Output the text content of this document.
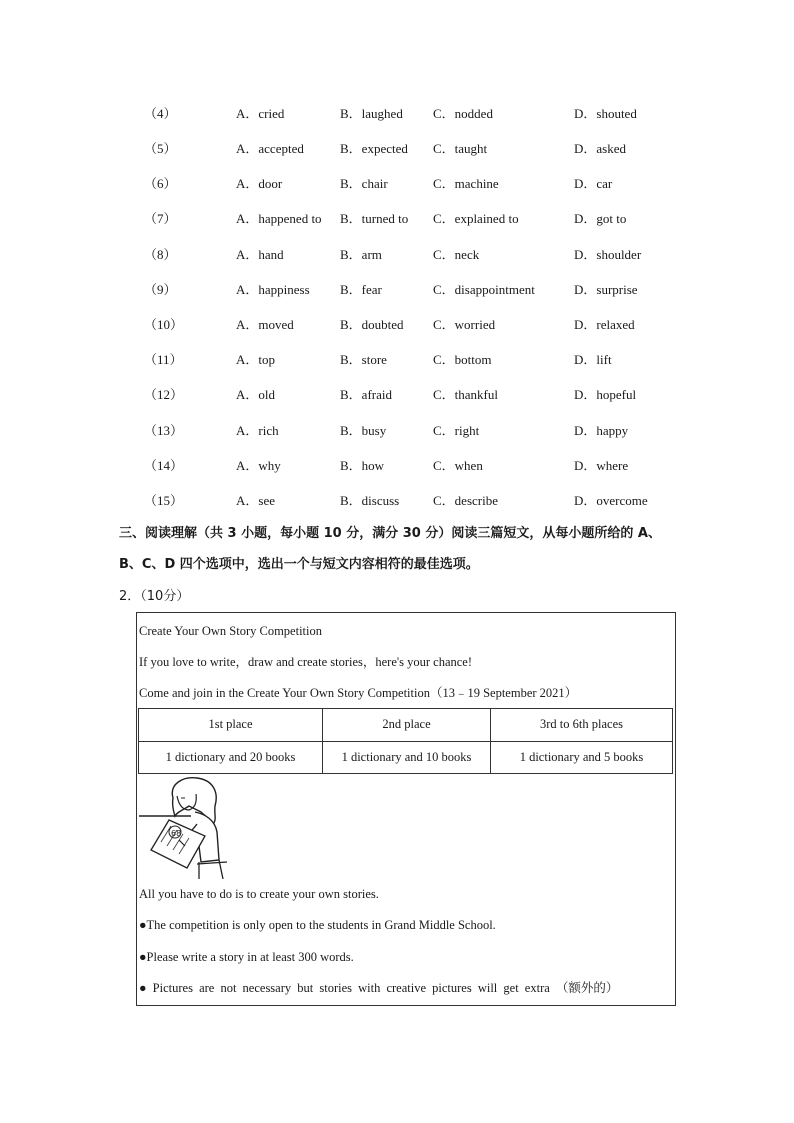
（4）	A．cried	B．laughed C．nodded	D．shouted
（5）	A．accepted	B．expected C．taught	D．asked
（6）	A．door	B．chair	C．machine	D．car
（7）	A．happened to B．turned to C．explained to	D．got to
（8）	A．hand	B．arm	C．neck	D．shoulder
（9）	A．happiness B．fear	C．disappointment	D．surprise
（10）	A．moved	B．doubted C．worried	D．relaxed
（11）	A．top	B．store	C．bottom	D．lift
（12）	A．old	B．afraid	C．thankful	D．hopeful
（13）	A．rich	B．busy	C．right	D．happy
（14）	A．why	B．how	C．when	D．where
（15）	A．see	B．discuss	C．describe	D．overcome
三、阅读理解（共 3 小题，每小题 10 分，满分 30 分）阅读三篇短文，从每小题所给的 A、
B、C、D 四个选项中，选出一个与短文内容相符的最佳选项。
2．（10分）
Create Your Own Story Competition
If you love to write，draw and create stories，here's your chance!
Come and join in the Create Your Own Story Competition（13﹣19 September 2021）
1st place	2nd place	3rd to 6th places
1 dictionary and 20 books	1 dictionary and 10 books	1 dictionary and 5 books
68
All you have to do is to create your own stories.
●The competition is only open to the students in Grand Middle School.
●Please write a story in at least 300 words.
● Pictures are not necessary but stories with creative pictures will get extra （额外的）
